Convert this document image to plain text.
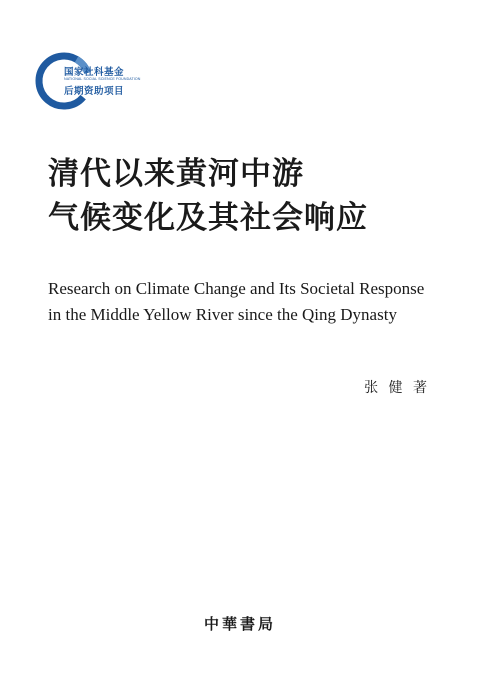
国家社科基金
NATIONAL SOCIAL SCIENCE FOUNDATION
后期资助项目
清代以来黄河中游
气候变化及其社会响应
Research on Climate Change and Its Societal Response
in the Middle Yellow River since the Qing Dynasty
张 健 著
中華書局
